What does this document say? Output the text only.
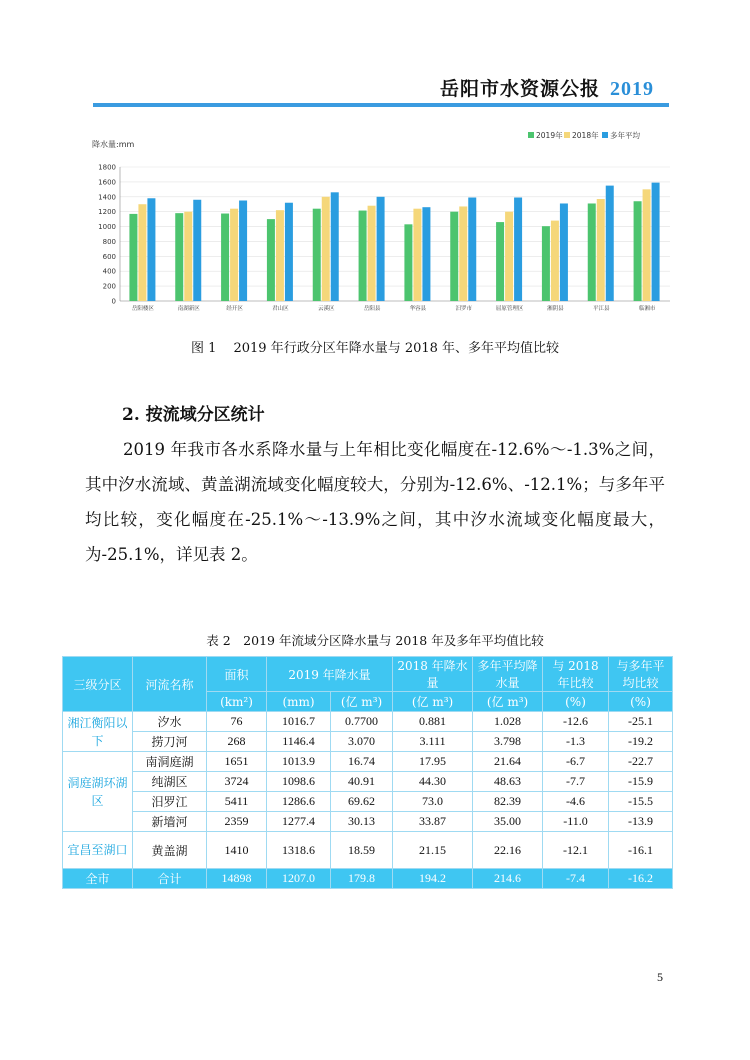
岳阳市水资源公报 2019
降水量:mm
0
200
400
600
800
1000
1200
1400
1600
1800
岳阳楼区	南湖新区	经开区	君山区	云溪区	岳阳县	华容县	汨罗市	屈原管理区	湘阴县	平江县	临湘市
2019年 2018年 多年平均
图 1　 2019 年行政分区年降水量与 2018 年、多年平均值比较
2. 按流域分区统计
2019 年我市各水系降水量与上年相比变化幅度在-12.6%～-1.3%之间，其中汐水流域、黄盖湖流域变化幅度较大，分别为-12.6%、-12.1%；与多年平均比较，变化幅度在-25.1%～-13.9%之间，其中汐水流域变化幅度最大，为-25.1%，详见表 2。
表 2　2019 年流域分区降水量与 2018 年及多年平均值比较
三级分区	河流名称	面积	2019 年降水量		2018 年降水量	多年平均降水量	与 2018 年比较	与多年平均比较
		(km²)	(mm)	(亿 m³)	(亿 m³)	(亿 m³)	(%)	(%)
湘江衡阳以下	汐水	76	1016.7	0.7700	0.881	1.028	-12.6	-25.1
	捞刀河	268	1146.4	3.070	3.111	3.798	-1.3	-19.2
洞庭湖环湖区	南洞庭湖	1651	1013.9	16.74	17.95	21.64	-6.7	-22.7
	纯湖区	3724	1098.6	40.91	44.30	48.63	-7.7	-15.9
	汨罗江	5411	1286.6	69.62	73.0	82.39	-4.6	-15.5
	新墙河	2359	1277.4	30.13	33.87	35.00	-11.0	-13.9
宜昌至湖口	黄盖湖	1410	1318.6	18.59	21.15	22.16	-12.1	-16.1
全市	合计	14898	1207.0	179.8	194.2	214.6	-7.4	-16.2
5
